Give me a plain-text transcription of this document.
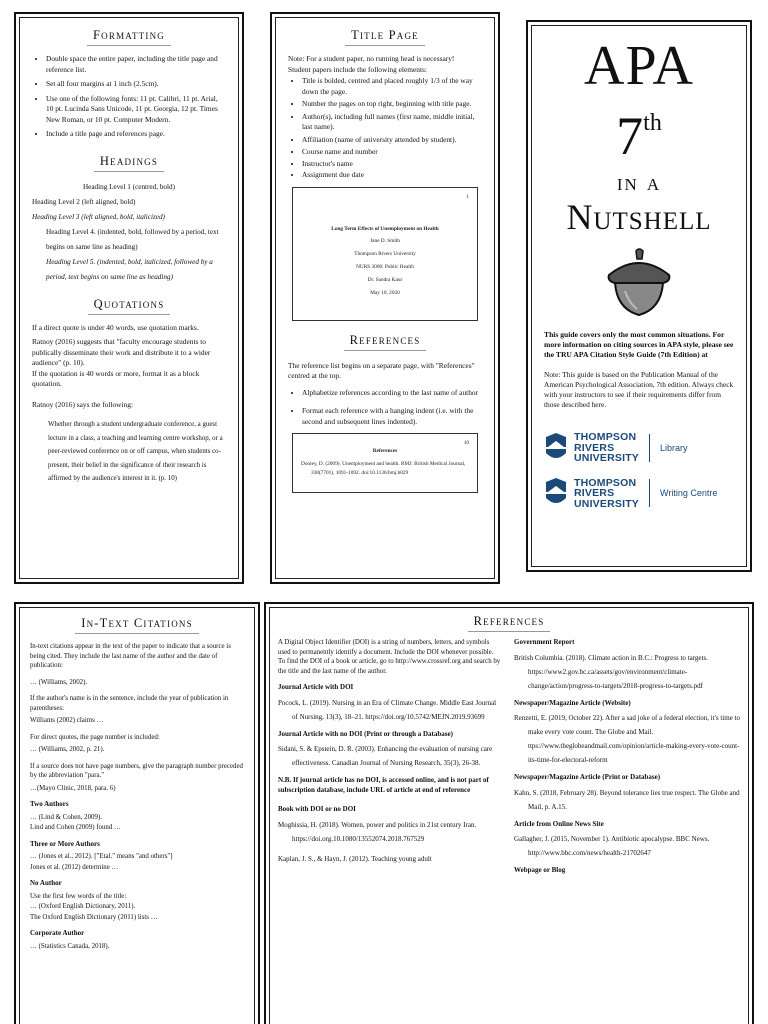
Formatting
• Double space the entire paper, including the title page and reference list.
• Set all four margins at 1 inch (2.5cm).
• Use one of the following fonts: 11 pt. Calibri, 11 pt. Arial, 10 pt. Lucinda Sans Unicode, 11 pt. Georgia, 12 pt. Times New Roman, or 10 pt. Computer Modern.
• Include a title page and references page.
Headings
Heading Level 1 (centred, bold)
Heading Level 2 (left aligned, bold)
Heading Level 3 (left aligned, bold, italicized)
Heading Level 4. (indented, bold, followed by a period, text begins on same line as heading)
Heading Level 5. (indented, bold, italicized, followed by a period, text begins on same line as heading)
Quotations
If a direct quote is under 40 words, use quotation marks.
Ratnoy (2016) suggests that "faculty encourage students to publically disseminate their work and distribute it to a wider audience" (p. 10).
If the quotation is 40 words or more, format it as a block quotation.
Ratnoy (2016) says the following:
Whether through a student undergraduate conference, a guest lecture in a class, a teaching and learning centre workshop, or a peer-reviewed conference on or off campus, when students co-present, their belief in the significance of their research is affirmed by the audience's interest in it. (p. 10)
Title Page
Note: For a student paper, no running head is necessary!
Student papers include the following elements:
• Title is bolded, centred and placed roughly 1/3 of the way down the page.
• Number the pages on top right, beginning with title page.
• Author(s), including full names (first name, middle initial, last name).
• Affiliation (name of university attended by student).
• Course name and number
• Instructor's name
• Assignment due date
1
Long Term Effects of Unemployment on Health
Jane D. Smith
Thompson Rivers University
NURS 3000: Public Health
Dr. Sandra Kaur
May 10, 2020
References
The reference list begins on a separate page, with "References" centred at the top.
• Alphabetize references according to the last name of author
• Format each reference with a hanging indent (i.e. with the second and subsequent lines indented).
10
References
Dooley, D. (2009). Unemployment and health. BMJ: British Medical Journal, 338(7701), 1091-1092. doi:10.1136/bmj.b829
APA
7th
in a
Nutshell
This guide covers only the most common situations. For more information on citing sources in APA style, please see the TRU APA Citation Style Guide (7th Edition) at
Note: This guide is based on the Publication Manual of the American Psychological Association, 7th edition. Always check with your instructors to see if their requirements differ from those described here.
THOMPSON
RIVERS
UNIVERSITY
Library
THOMPSON
RIVERS
UNIVERSITY
Writing Centre
In-Text Citations
In-text citations appear in the text of the paper to indicate that a source is being cited. They include the last name of the author and the date of publication:
… (Williams, 2002).
If the author's name is in the sentence, include the year of publication in parentheses:
Williams (2002) claims …
For direct quotes, the page number is included:
… (Williams, 2002, p. 21).
If a source does not have page numbers, give the paragraph number preceded by the abbreviation "para."
…(Mayo Clinic, 2018, para. 6)
Two Authors
… (Lind & Cohen, 2009).
Lind and Cohen (2009) found …
Three or More Authors
… (Jones et al., 2012). ["Etal." means "and others"]
Jones et al. (2012) determine …
No Author
Use the first few words of the title:
… (Oxford English Dictionary, 2011).
The Oxford English Dictionary (2011) lists …
Corporate Author
… (Statistics Canada, 2018).
References
A Digital Object Identifier (DOI) is a string of numbers, letters, and symbols used to permanently identify a document. Include the DOI whenever possible. To find the DOI of a book or article, go to http://www.crossref.org and search by the title and the last name of the author.
Journal Article with DOI
Pocock, L. (2019). Nursing in an Era of Climate Change. Middle East Journal of Nursing, 13(3), 18–21. https://doi.org/10.5742/MEJN.2019.93699
Journal Article with no DOI (Print or through a Database)
Sidani, S. & Epstein, D. R. (2003). Enhancing the evaluation of nursing care effectiveness. Canadian Journal of Nursing Research, 35(3), 26-38.
N.B. If journal article has no DOI, is accessed online, and is not part of subscription database, include URL of article at end of reference
Book with DOI or no DOI
Moghissia, H. (2018). Women, power and politics in 21st century Iran. https://doi.org.10.1080/13552074.2018.767529
Kaplan, J. S., & Hayn, J. (2012). Teaching young adult
Government Report
British Columbia. (2018). Climate action in B.C.: Progress to targets. https://www2.gov.bc.ca/assets/gov/environment/climate-change/action/progress-to-targets/2018-progress-to-targets.pdf
Newspaper/Magazine Article (Website)
Renzetti, E. (2019, October 22). After a sad joke of a federal election, it's time to make every vote count. The Globe and Mail. ttps://www.theglobeandmail.com/opinion/article-making-every-vote-count-its-time-for-electoral-reform
Newspaper/Magazine Article (Print or Database)
Kahn, S. (2018, February 28). Beyond tolerance lies true respect. The Globe and Mail, p. A.15.
Article from Online News Site
Gallagher, J. (2015, November 1). Antibiotic apocalypse. BBC News. http://www.bbc.com/news/health-21702647
Webpage or Blog
